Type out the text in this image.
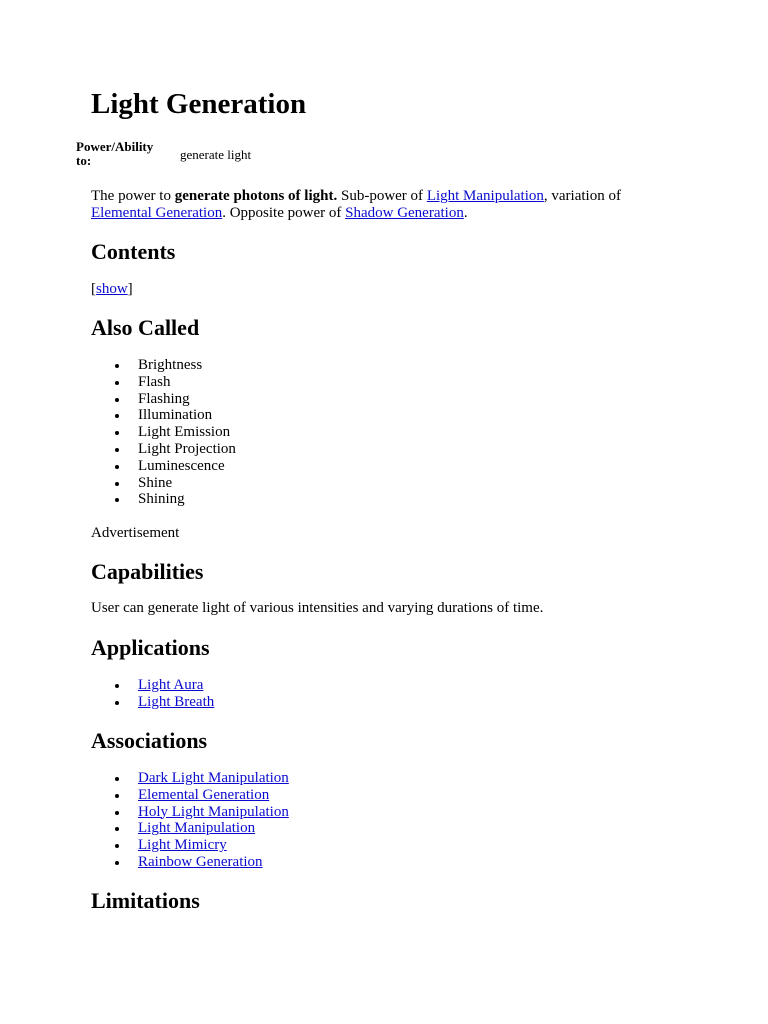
Light Generation
Power/Ability to:	generate light

The power to generate photons of light. Sub-power of Light Manipulation, variation of
Elemental Generation. Opposite power of Shadow Generation.

Contents

[show]

Also Called
Brightness
Flash
Flashing
Illumination
Light Emission
Light Projection
Luminescence
Shine
Shining

Advertisement

Capabilities

User can generate light of various intensities and varying durations of time.

Applications
Light Aura
Light Breath
Associations
Dark Light Manipulation
Elemental Generation
Holy Light Manipulation
Light Manipulation
Light Mimicry
Rainbow Generation
Limitations
